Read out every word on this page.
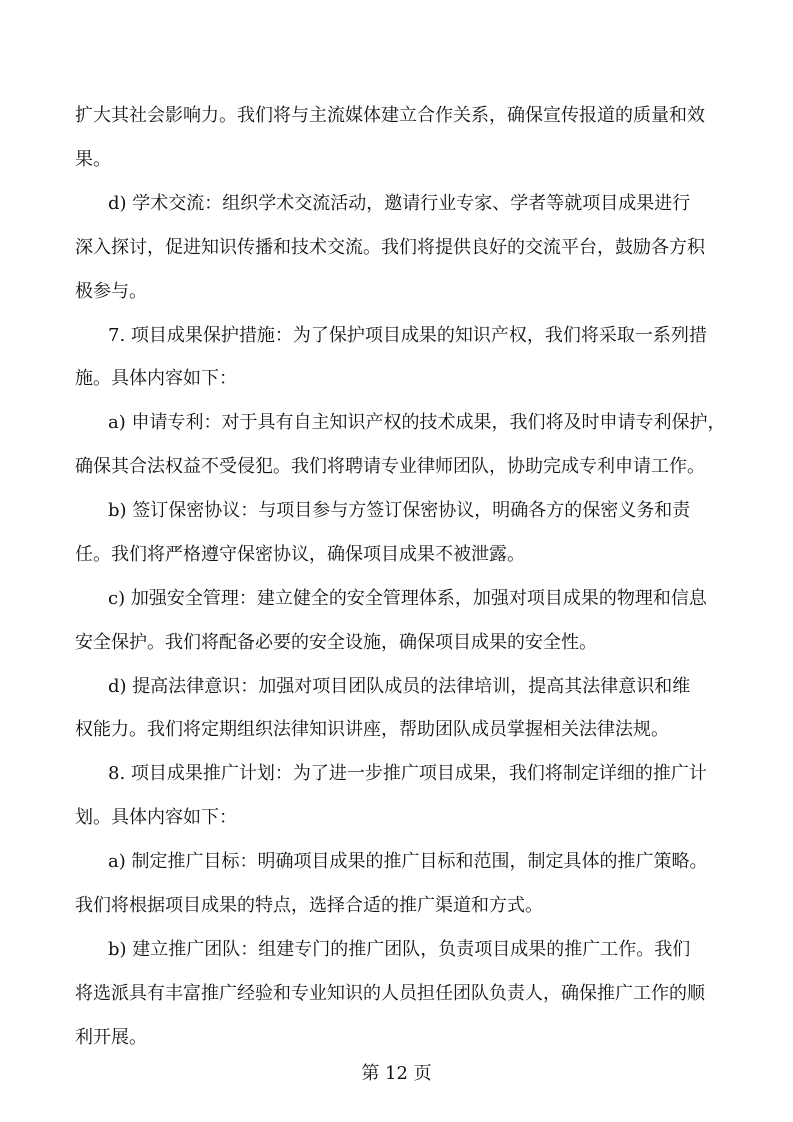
扩大其社会影响力。我们将与主流媒体建立合作关系，确保宣传报道的质量和效
果。
d) 学术交流：组织学术交流活动，邀请行业专家、学者等就项目成果进行
深入探讨，促进知识传播和技术交流。我们将提供良好的交流平台，鼓励各方积
极参与。
7. 项目成果保护措施：为了保护项目成果的知识产权，我们将采取一系列措
施。具体内容如下：
a) 申请专利：对于具有自主知识产权的技术成果，我们将及时申请专利保护，
确保其合法权益不受侵犯。我们将聘请专业律师团队，协助完成专利申请工作。
b) 签订保密协议：与项目参与方签订保密协议，明确各方的保密义务和责
任。我们将严格遵守保密协议，确保项目成果不被泄露。
c) 加强安全管理：建立健全的安全管理体系，加强对项目成果的物理和信息
安全保护。我们将配备必要的安全设施，确保项目成果的安全性。
d) 提高法律意识：加强对项目团队成员的法律培训，提高其法律意识和维
权能力。我们将定期组织法律知识讲座，帮助团队成员掌握相关法律法规。
8. 项目成果推广计划：为了进一步推广项目成果，我们将制定详细的推广计
划。具体内容如下：
a) 制定推广目标：明确项目成果的推广目标和范围，制定具体的推广策略。
我们将根据项目成果的特点，选择合适的推广渠道和方式。
b) 建立推广团队：组建专门的推广团队，负责项目成果的推广工作。我们
将选派具有丰富推广经验和专业知识的人员担任团队负责人，确保推广工作的顺
利开展。
第 12 页
